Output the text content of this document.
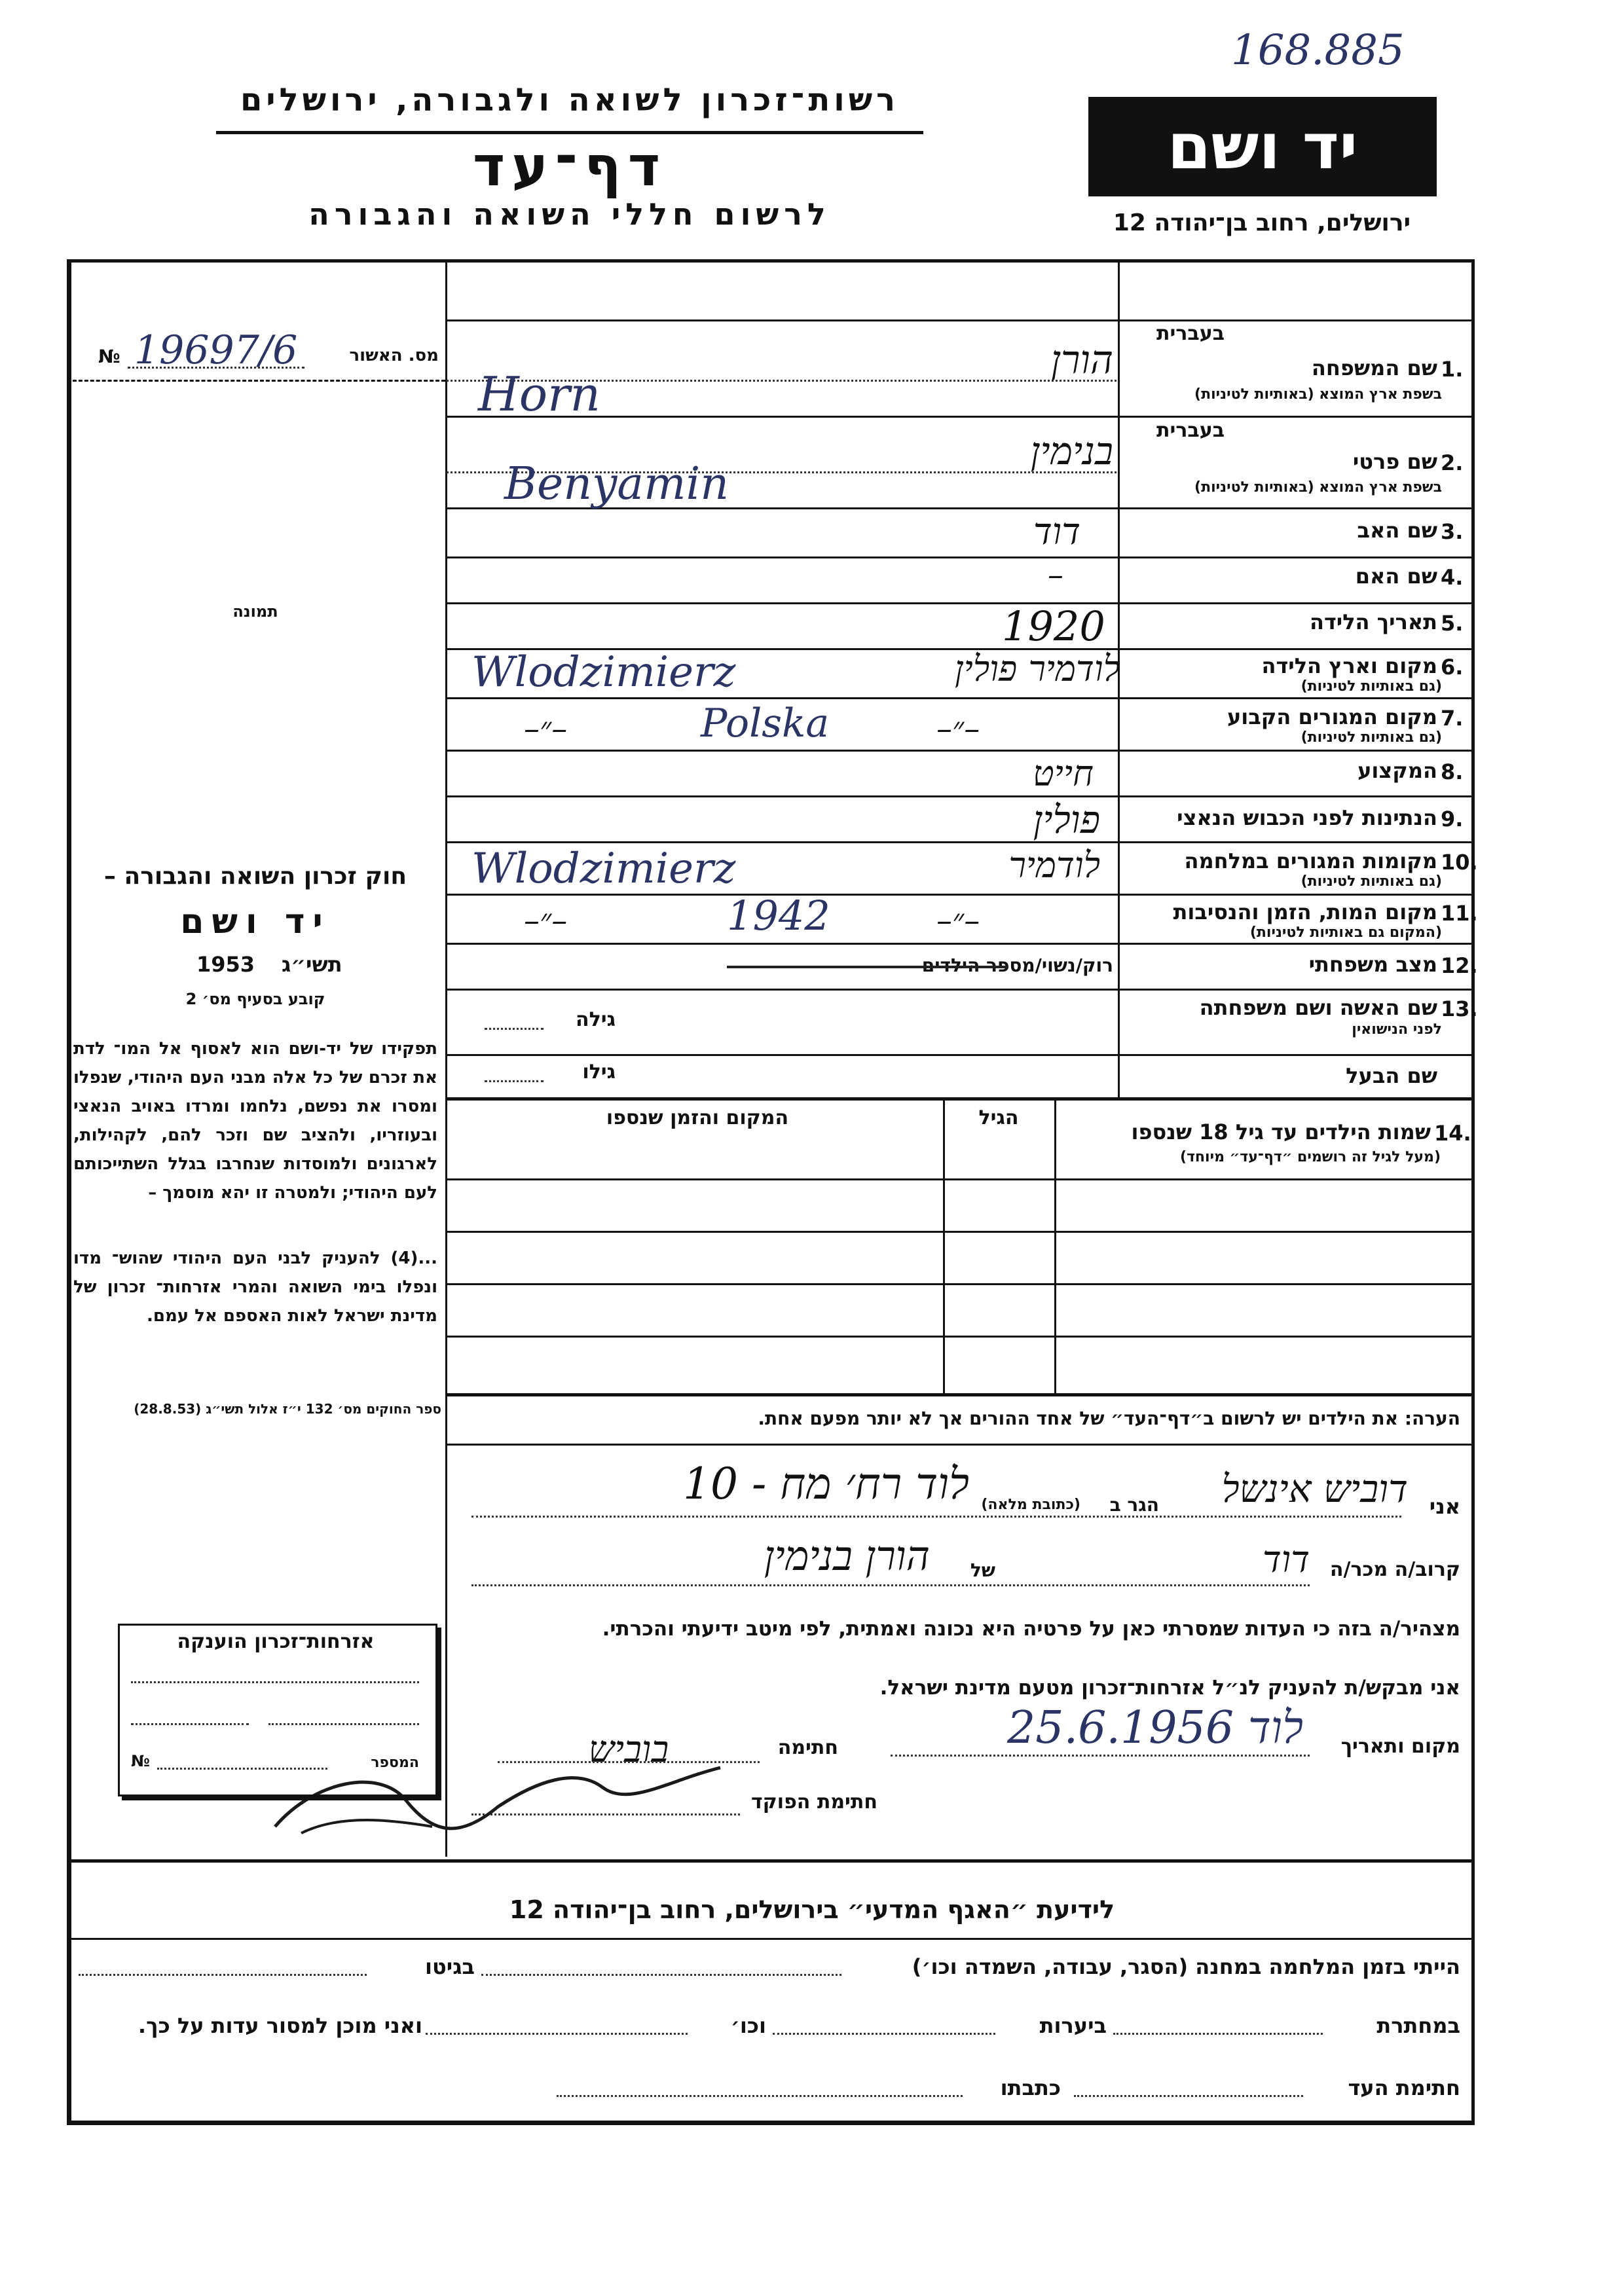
168.885
רשות־זכרון לשואה ולגבורה, ירושלים
דף־עד
לרשום חללי השואה והגבורה
יד ושם
ירושלים, רחוב בן־יהודה 12
מס. האשור
№ 19697/6
תמונה
חוק זכרון השואה והגבורה –
יד ושם
1953 תשי״ג
קובע בסעיף מס׳ 2
תפקידו של יד-ושם הוא לאסוף אל המו־ לדת את זכרם של כל אלה מבני העם היהודי, שנפלו ומסרו את נפשם, נלחמו ומרדו באויב הנאצי ובעוזריו, ולהציב שם וזכר להם, לקהילות, לארגונים ולמוסדות שנחרבו בגלל השתייכותם לעם היהודי; ולמטרה זו יהא מוסמך –
...(4) להעניק לבני העם היהודי שהוש־ מדו ונפלו בימי השואה והמרי אזרחות־ זכרון של מדינת ישראל לאות האספם אל עמם.
ספר החוקים מס׳ 132 י״ז אלול תשי״ג (28.8.53)
בעברית
1.
שם המשפחה
בשפת ארץ המוצא (באותיות לטיניות)
הורן
Horn
בעברית
2.
שם פרטי
בשפת ארץ המוצא (באותיות לטיניות)
בנימין
Benyamin
3.
שם האב
דוד
4.
שם האם
–
5.
תאריך הלידה
1920
6.
מקום וארץ הלידה
(גם באותיות לטיניות)
לודמיר פולין
Wlodzimierz
7.
מקום המגורים הקבוע
(גם באותיות לטיניות)
–״–	Polska	–״–
8.
המקצוע
חייט
9.
הנתינות לפני הכבוש הנאצי
פולין
10.
מקומות המגורים במלחמה
(גם באותיות לטיניות)
לודמיר
Wlodzimierz
11.
מקום המות, הזמן והנסיבות
(המקום גם באותיות לטיניות)
–״–	1942	–״–
12.
מצב משפחתי
רוק/נשוי/מספר הילדים
13.
שם האשה ושם משפחתה
לפני הנישואין
גילה
שם הבעל
גילו
14.
שמות הילדים עד גיל 18 שנספו
(מעל לגיל זה רושמים ״דף־עד״ מיוחד)
הגיל
המקום והזמן שנספו
הערה: את הילדים יש לרשום ב״דף־העד״ של אחד ההורים אך לא יותר מפעם אחת.
אני
דוביש אינשל
הגר ב
(כתובת מלאה)
לוד רח׳ מח - 10
קרוב/ה מכר/ה
דוד
של
הורן בנימין
מצהיר/ה בזה כי העדות שמסרתי כאן על פרטיה היא נכונה ואמתית, לפי מיטב ידיעתי והכרתי.
אני מבקש/ת להעניק לנ״ל אזרחות־זכרון מטעם מדינת ישראל.
מקום ותאריך
לוד 25.6.1956
חתימה
בוביש
חתימת הפוקד
אזרחות־זכרון הוענקה
№	המספר
לידיעת ״האגף המדעי״ בירושלים, רחוב בן־יהודה 12
הייתי בזמן המלחמה במחנה (הסגר, עבודה, השמדה וכו׳)
בגיטו
במחתרת
ביערות
וכו׳
ואני מוכן למסור עדות על כך.
חתימת העד
כתבתו
